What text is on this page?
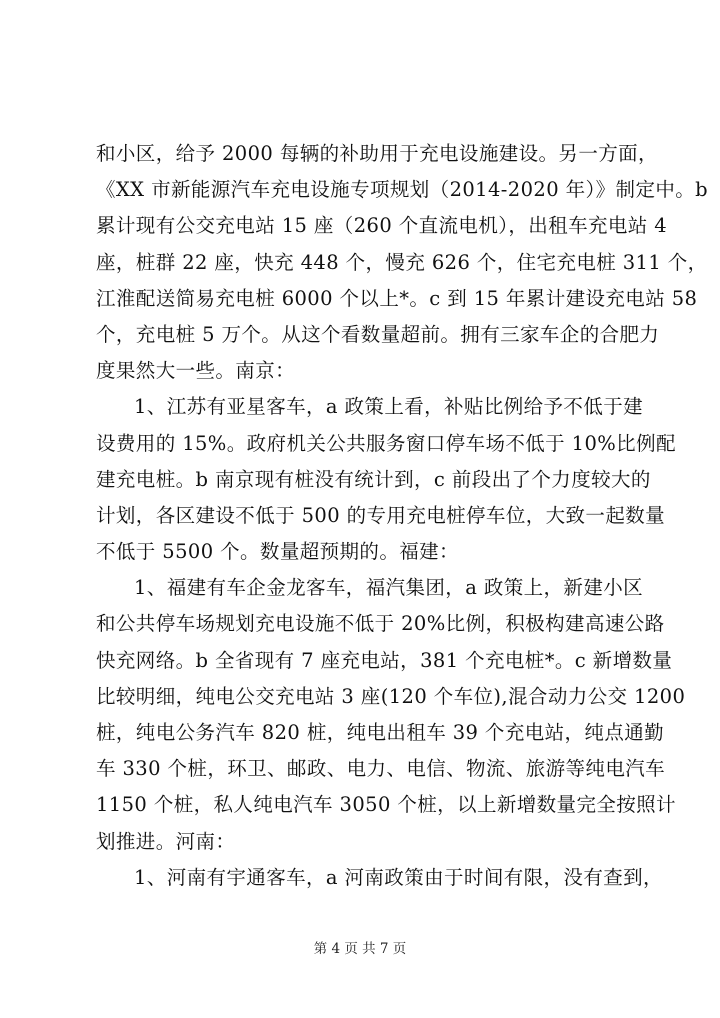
和小区，给予 2000 每辆的补助用于充电设施建设。另一方面，
《XX 市新能源汽车充电设施专项规划（2014-2020 年）》制定中。b
累计现有公交充电站 15 座（260 个直流电机），出租车充电站 4
座，桩群 22 座，快充 448 个，慢充 626 个，住宅充电桩 311 个，
江淮配送简易充电桩 6000 个以上*。c 到 15 年累计建设充电站 58
个，充电桩 5 万个。从这个看数量超前。拥有三家车企的合肥力
度果然大一些。南京：
1、江苏有亚星客车，a 政策上看，补贴比例给予不低于建
设费用的 15%。政府机关公共服务窗口停车场不低于 10%比例配
建充电桩。b 南京现有桩没有统计到，c 前段出了个力度较大的
计划，各区建设不低于 500 的专用充电桩停车位，大致一起数量
不低于 5500 个。数量超预期的。福建：
1、福建有车企金龙客车，福汽集团，a 政策上，新建小区
和公共停车场规划充电设施不低于 20%比例，积极构建高速公路
快充网络。b 全省现有 7 座充电站，381 个充电桩*。c 新增数量
比较明细，纯电公交充电站 3 座(120 个车位),混合动力公交 1200
桩，纯电公务汽车 820 桩，纯电出租车 39 个充电站，纯点通勤
车 330 个桩，环卫、邮政、电力、电信、物流、旅游等纯电汽车
1150 个桩，私人纯电汽车 3050 个桩，以上新增数量完全按照计
划推进。河南：
1、河南有宇通客车，a 河南政策由于时间有限，没有查到，
第 4 页 共 7 页
